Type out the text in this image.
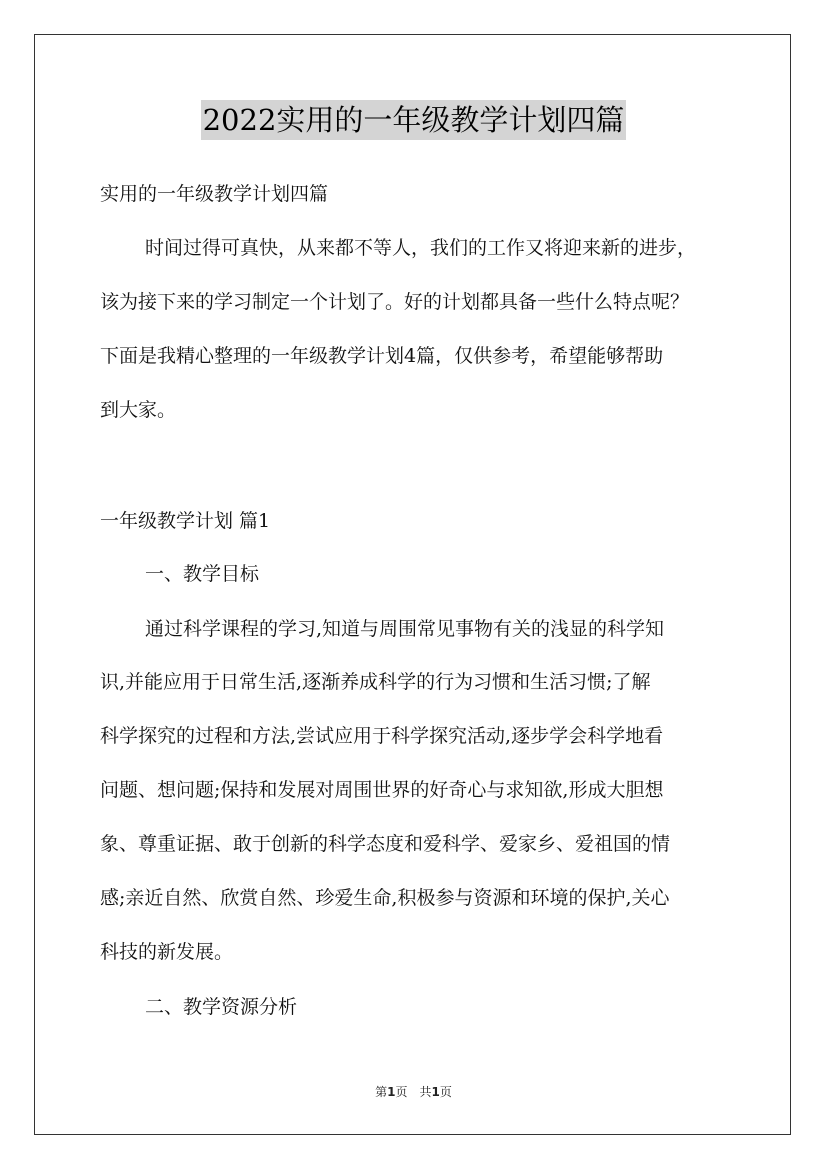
2022实用的一年级教学计划四篇
实用的一年级教学计划四篇
时间过得可真快，从来都不等人，我们的工作又将迎来新的进步，
该为接下来的学习制定一个计划了。好的计划都具备一些什么特点呢？
下面是我精心整理的一年级教学计划4篇，仅供参考，希望能够帮助
到大家。
一年级教学计划 篇1
一、教学目标
通过科学课程的学习,知道与周围常见事物有关的浅显的科学知
识,并能应用于日常生活,逐渐养成科学的行为习惯和生活习惯;了解
科学探究的过程和方法,尝试应用于科学探究活动,逐步学会科学地看
问题、想问题;保持和发展对周围世界的好奇心与求知欲,形成大胆想
象、尊重证据、敢于创新的科学态度和爱科学、爱家乡、爱祖国的情
感;亲近自然、欣赏自然、珍爱生命,积极参与资源和环境的保护,关心
科技的新发展。
二、教学资源分析
第1页 共1页
